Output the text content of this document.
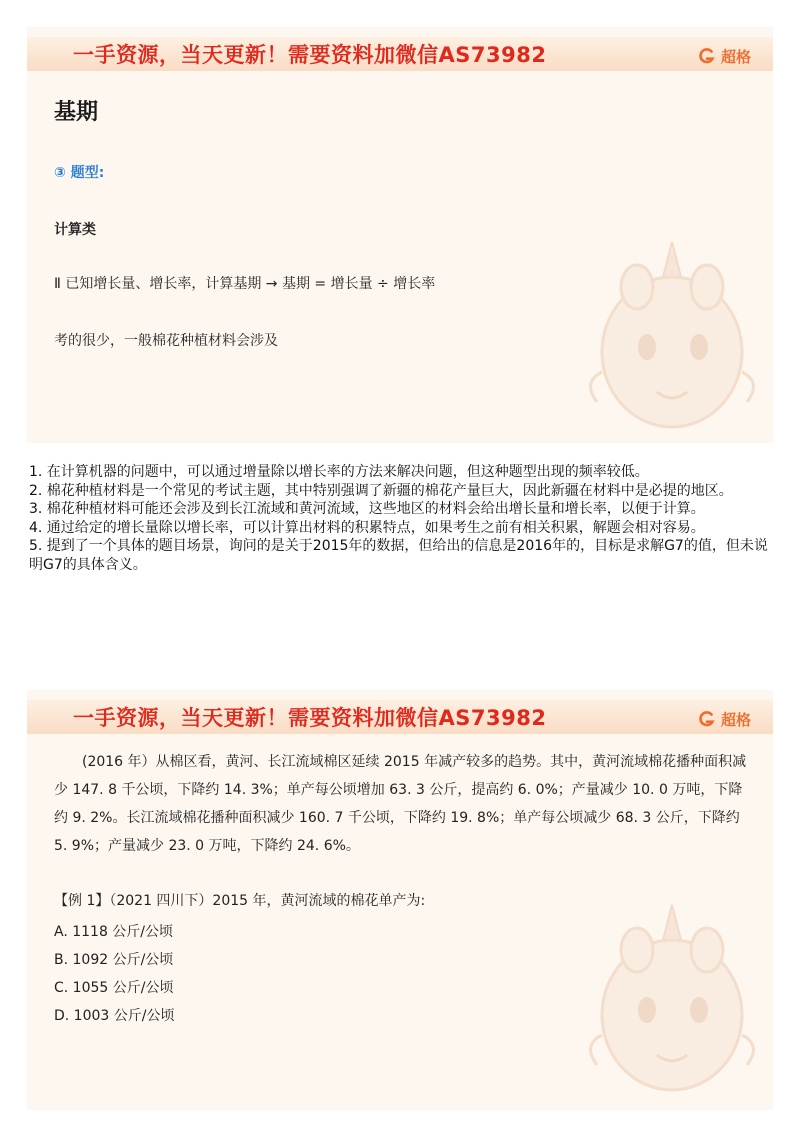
一手资源，当天更新！需要资料加微信AS73982	超格
基期
③ 题型:
计算类
Ⅱ 已知增长量、增长率，计算基期 → 基期 = 增长量 ÷ 增长率
考的很少，一般棉花种植材料会涉及

1. 在计算机器的问题中，可以通过增量除以增长率的方法来解决问题，但这种题型出现的频率较低。

2. 棉花种植材料是一个常见的考试主题，其中特别强调了新疆的棉花产量巨大，因此新疆在材料中是必提的地区。

3. 棉花种植材料可能还会涉及到长江流域和黄河流域，这些地区的材料会给出增长量和增长率，以便于计算。

4. 通过给定的增长量除以增长率，可以计算出材料的积累特点，如果考生之前有相关积累，解题会相对容易。

5. 提到了一个具体的题目场景，询问的是关于2015年的数据，但给出的信息是2016年的，目标是求解G7的值，但未说明G7的具体含义。

一手资源，当天更新！需要资料加微信AS73982	超格
(2016 年）从棉区看，黄河、长江流域棉区延续 2015 年减产较多的趋势。其中，黄河流域棉花播种面积减少 147. 8 千公顷，下降约 14. 3%；单产每公顷增加 63. 3 公斤，提高约 6. 0%；产量减少 10. 0 万吨，下降约 9. 2%。长江流域棉花播种面积减少 160. 7 千公顷，下降约 19. 8%；单产每公顷减少 68. 3 公斤，下降约 5. 9%；产量减少 23. 0 万吨，下降约 24. 6%。
【例 1】（2021 四川下）2015 年，黄河流域的棉花单产为:
A. 1118 公斤/公顷
B. 1092 公斤/公顷
C. 1055 公斤/公顷
D. 1003 公斤/公顷
